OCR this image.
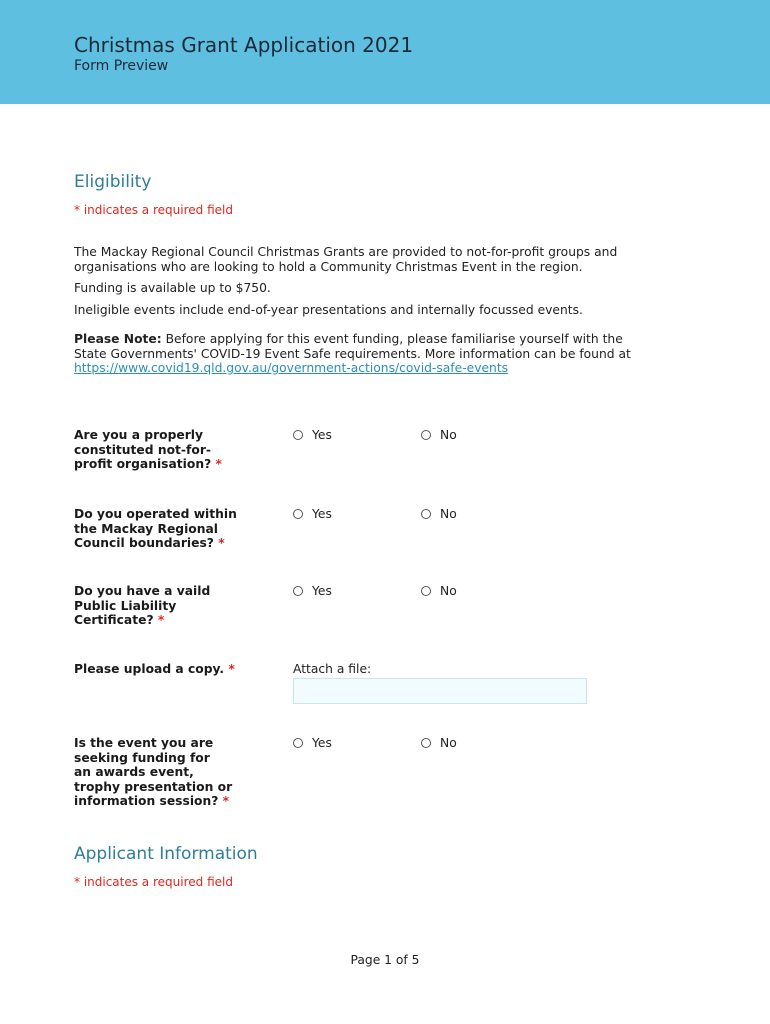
Christmas Grant Application 2021
Form Preview
Eligibility
* indicates a required field
The Mackay Regional Council Christmas Grants are provided to not-for-profit groups and
organisations who are looking to hold a Community Christmas Event in the region.
Funding is available up to $750.
Ineligible events include end-of-year presentations and internally focussed events.
Please Note: Before applying for this event funding, please familiarise yourself with the
State Governments' COVID-19 Event Safe requirements. More information can be found at
https://www.covid19.qld.gov.au/government-actions/covid-safe-events
Are you a properly
constituted not-for-
profit organisation? *
Yes	No
Do you operated within
the Mackay Regional
Council boundaries? *
Yes	No
Do you have a vaild
Public Liability
Certificate? *
Yes	No
Please upload a copy. *	Attach a file:
Is the event you are
seeking funding for
an awards event,
trophy presentation or
information session? *
Yes	No
Applicant Information
* indicates a required field
Page 1 of 5
